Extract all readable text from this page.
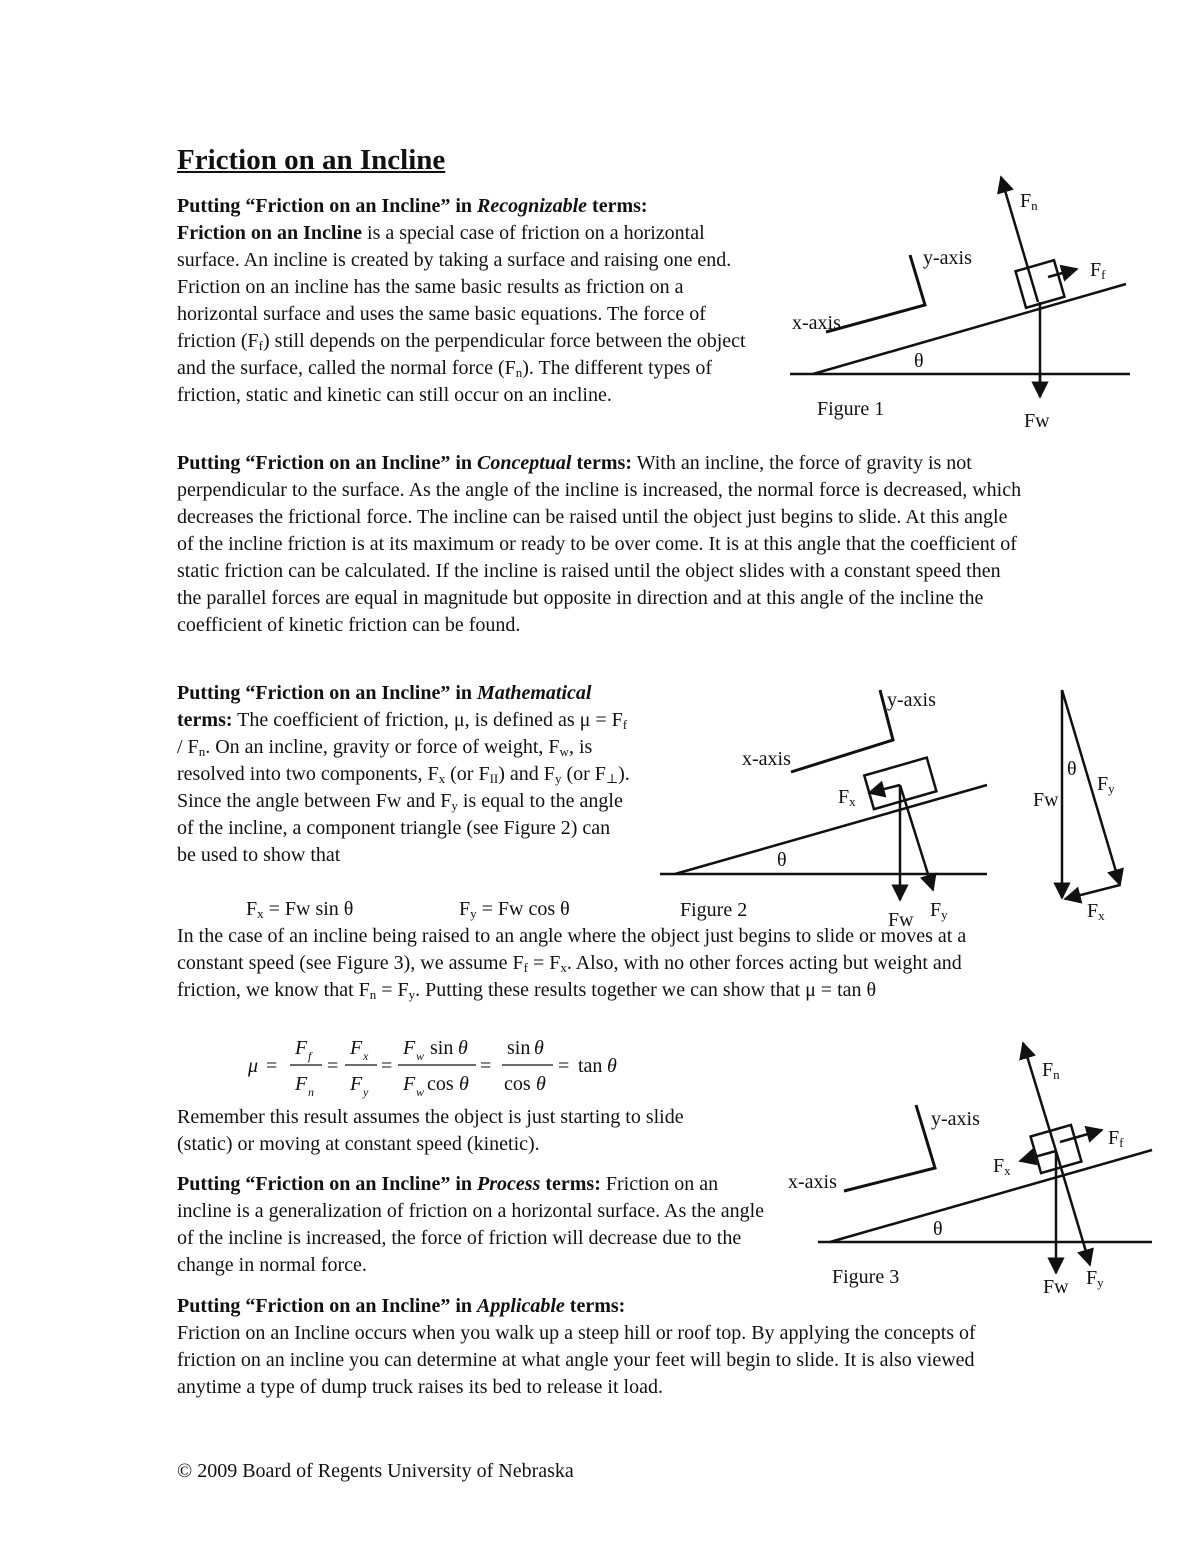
Friction on an Incline
Putting “Friction on an Incline” in Recognizable terms:
Friction on an Incline is a special case of friction on a horizontal surface. An incline is created by taking a surface and raising one end. Friction on an incline has the same basic results as friction on a horizontal surface and uses the same basic equations. The force of friction $(F_f)$ still depends on the perpendicular force between the object and the surface, called the normal force $(F_n)$. The different types of friction, static and kinetic can still occur on an incline.
Putting “Friction on an Incline” in Conceptual terms: With an incline, the force of gravity is not perpendicular to the surface. As the angle of the incline is increased, the normal force is decreased, which decreases the frictional force. The incline can be raised until the object just begins to slide. At this angle of the incline friction is at its maximum or ready to be over come. It is at this angle that the coefficient of static friction can be calculated. If the incline is raised until the object slides with a constant speed then the parallel forces are equal in magnitude but opposite in direction and at this angle of the incline the coefficient of kinetic friction can be found.
Putting “Friction on an Incline” in Mathematical terms: The coefficient of friction, μ, is defined as $\mu = F_f / F_n$. On an incline, gravity or force of weight, $F_w$, is resolved into two components, $F_x$ (or $F_{II}$) and $F_y$ (or $F_\perp$). Since the angle between Fw and $F_y$ is equal to the angle of the incline, a component triangle (see Figure 2) can be used to show that
$F_x = Fw$ sin θ	$F_y = Fw$ cos θ
In the case of an incline being raised to an angle where the object just begins to slide or moves at a constant speed (see Figure 3), we assume $F_f = F_x$. Also, with no other forces acting but weight and friction, we know that $F_n = F_y$. Putting these results together we can show that μ = tan θ
μ =
F f
F n
=
F x
F y
=
F w sin θ
F w cos θ
=
sin θ
cos θ
= tan θ
Remember this result assumes the object is just starting to slide (static) or moving at constant speed (kinetic).
Putting “Friction on an Incline” in Process terms: Friction on an incline is a generalization of friction on a horizontal surface. As the angle of the incline is increased, the force of friction will decrease due to the change in normal force.
Putting “Friction on an Incline” in Applicable terms:
Friction on an Incline occurs when you walk up a steep hill or roof top. By applying the concepts of friction on an incline you can determine at what angle your feet will begin to slide. It is also viewed anytime a type of dump truck raises its bed to release it load.
© 2009 Board of Regents University of Nebraska
Fn
y-axis
Ff
x-axis
θ
Figure 1
Fw
y-axis
x-axis
Fx
θ
Figure 2	Fy
Fw
θ
Fy
Fw
Fx
Fn
y-axis
Ff
Fx
x-axis
θ
Figure 3	Fy
Fw
